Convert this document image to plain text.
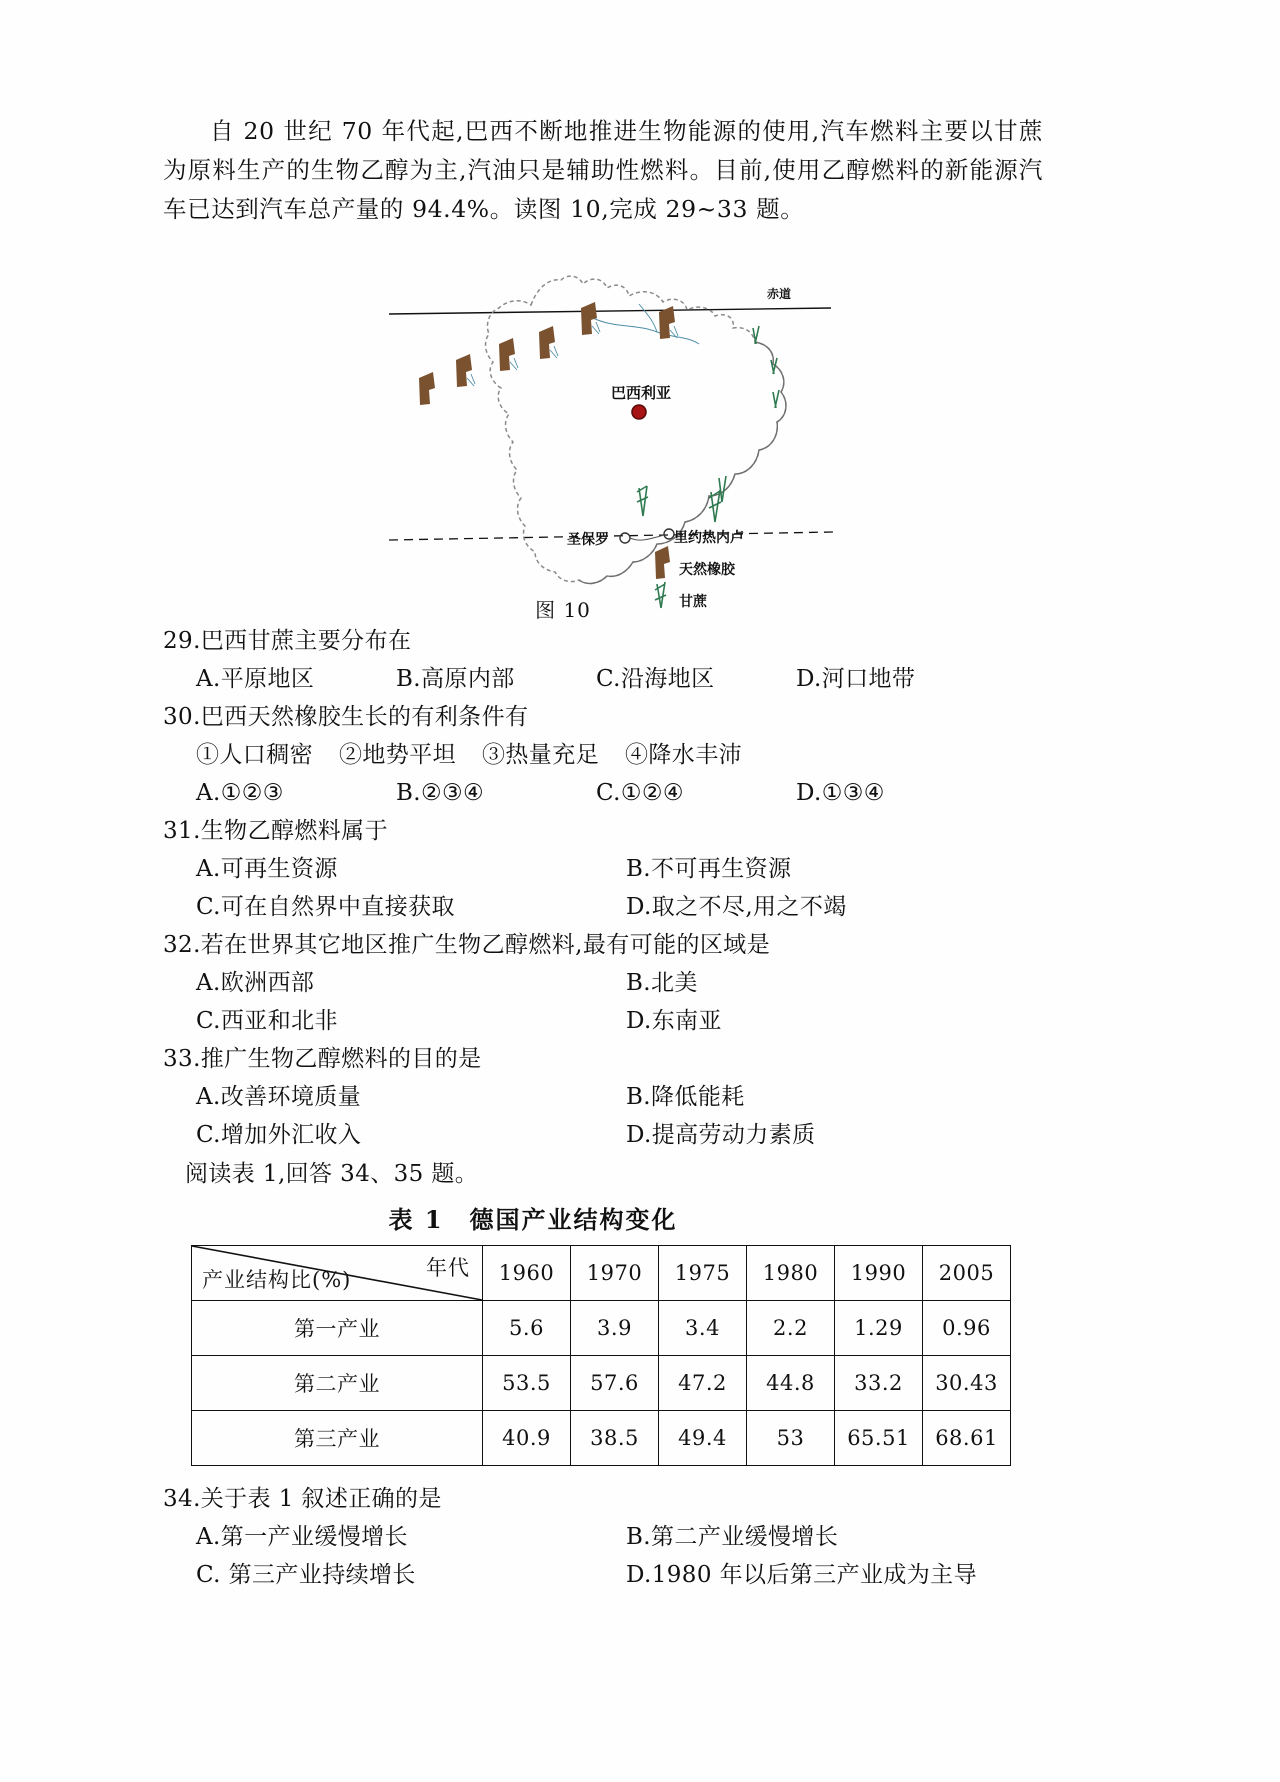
自 20 世纪 70 年代起,巴西不断地推进生物能源的使用,汽车燃料主要以甘蔗为原料生产的生物乙醇为主,汽油只是辅助性燃料。目前,使用乙醇燃料的新能源汽车已达到汽车总产量的 94.4%。读图 10,完成 29~33 题。

赤道
巴西利亚
圣保罗	里约热内卢
天然橡胶
甘蔗
图 10
29.巴西甘蔗主要分布在
A.平原地区	B.高原内部	C.沿海地区	D.河口地带
30.巴西天然橡胶生长的有利条件有
①人口稠密 ②地势平坦 ③热量充足 ④降水丰沛
A.①②③	B.②③④	C.①②④	D.①③④
31.生物乙醇燃料属于
A.可再生资源	B.不可再生资源
C.可在自然界中直接获取	D.取之不尽,用之不竭
32.若在世界其它地区推广生物乙醇燃料,最有可能的区域是
A.欧洲西部	B.北美
C.西亚和北非	D.东南亚
33.推广生物乙醇燃料的目的是
A.改善环境质量	B.降低能耗
C.增加外汇收入	D.提高劳动力素质
阅读表 1,回答 34、35 题。
表 1　德国产业结构变化
年代
产业结构比(%)	1960	1970	1975	1980	1990	2005
第一产业	5.6	3.9	3.4	2.2	1.29	0.96
第二产业	53.5	57.6	47.2	44.8	33.2	30.43
第三产业	40.9	38.5	49.4	53	65.51	68.61
34.关于表 1 叙述正确的是
A.第一产业缓慢增长	B.第二产业缓慢增长
C. 第三产业持续增长	D.1980 年以后第三产业成为主导
